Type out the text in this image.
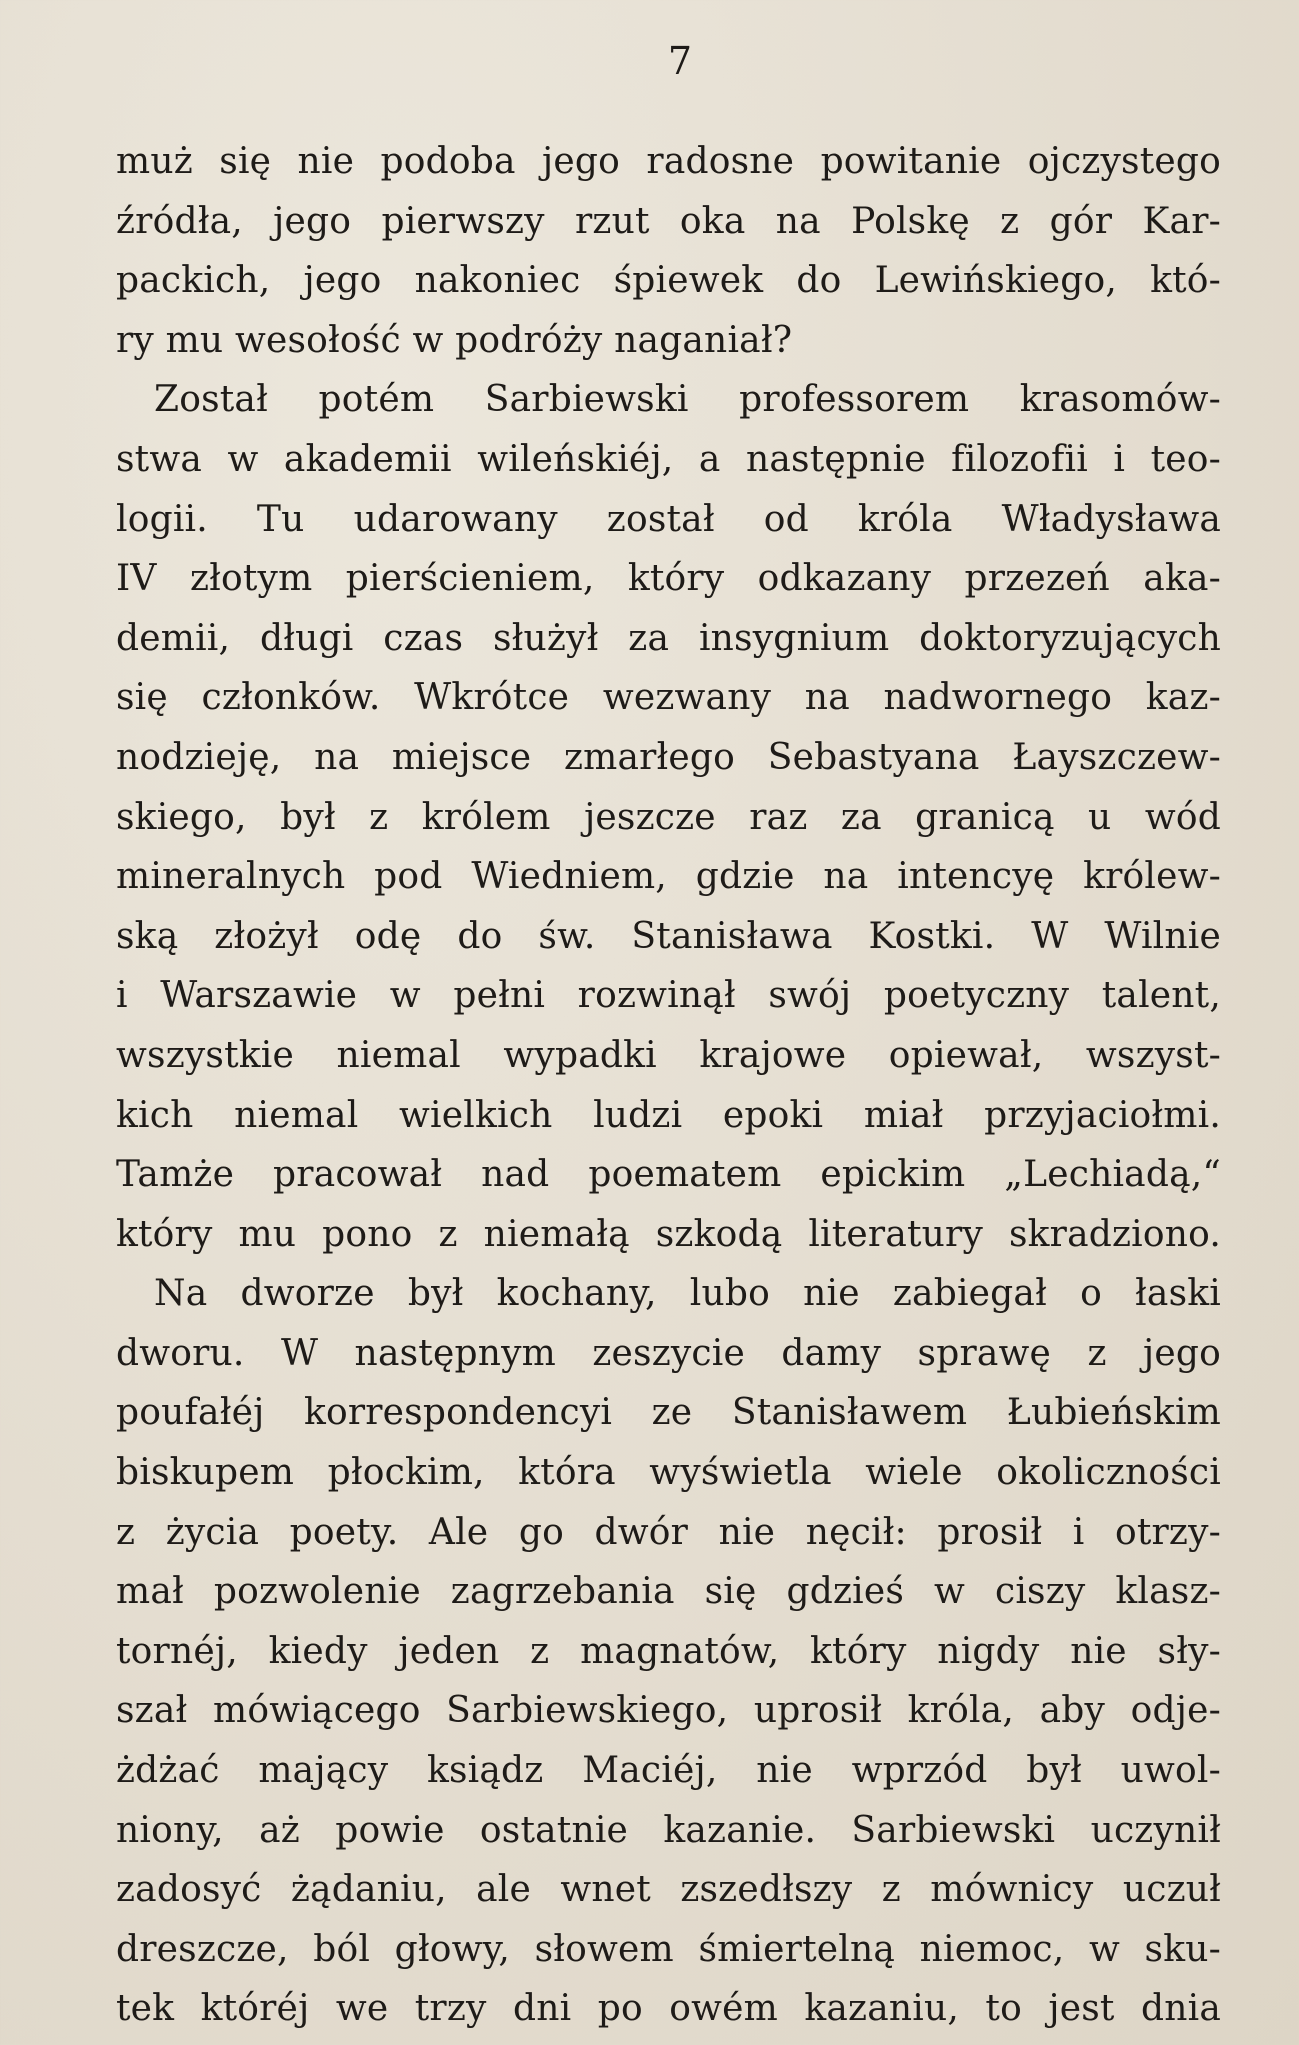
7

muż się nie podoba jego radosne powitanie ojczystego
źródła, jego pierwszy rzut oka na Polskę z gór Kar-
packich, jego nakoniec śpiewek do Lewińskiego, któ-
ry mu wesołość w podróży naganiał?
Został potém Sarbiewski professorem krasomów-
stwa w akademii wileńskiéj, a następnie filozofii i teo-
logii. Tu udarowany został od króla Władysława
IV złotym pierścieniem, który odkazany przezeń aka-
demii, długi czas służył za insygnium doktoryzujących
się członków. Wkrótce wezwany na nadwornego kaz-
nodzieję, na miejsce zmarłego Sebastyana Łayszczew-
skiego, był z królem jeszcze raz za granicą u wód
mineralnych pod Wiedniem, gdzie na intencyę królew-
ską złożył odę do św. Stanisława Kostki. W Wilnie
i Warszawie w pełni rozwinął swój poetyczny talent,
wszystkie niemal wypadki krajowe opiewał, wszyst-
kich niemal wielkich ludzi epoki miał przyjaciołmi.
Tamże pracował nad poematem epickim „Lechiadą,“
który mu pono z niemałą szkodą literatury skradziono.
Na dworze był kochany, lubo nie zabiegał o łaski
dworu. W następnym zeszycie damy sprawę z jego
poufałéj korrespondencyi ze Stanisławem Łubieńskim
biskupem płockim, która wyświetla wiele okoliczności
z życia poety. Ale go dwór nie nęcił: prosił i otrzy-
mał pozwolenie zagrzebania się gdzieś w ciszy klasz-
tornéj, kiedy jeden z magnatów, który nigdy nie sły-
szał mówiącego Sarbiewskiego, uprosił króla, aby odje-
żdżać mający ksiądz Maciéj, nie wprzód był uwol-
niony, aż powie ostatnie kazanie. Sarbiewski uczynił
zadosyć żądaniu, ale wnet zszedłszy z mównicy uczuł
dreszcze, ból głowy, słowem śmiertelną niemoc, w sku-
tek któréj we trzy dni po owém kazaniu, to jest dnia
